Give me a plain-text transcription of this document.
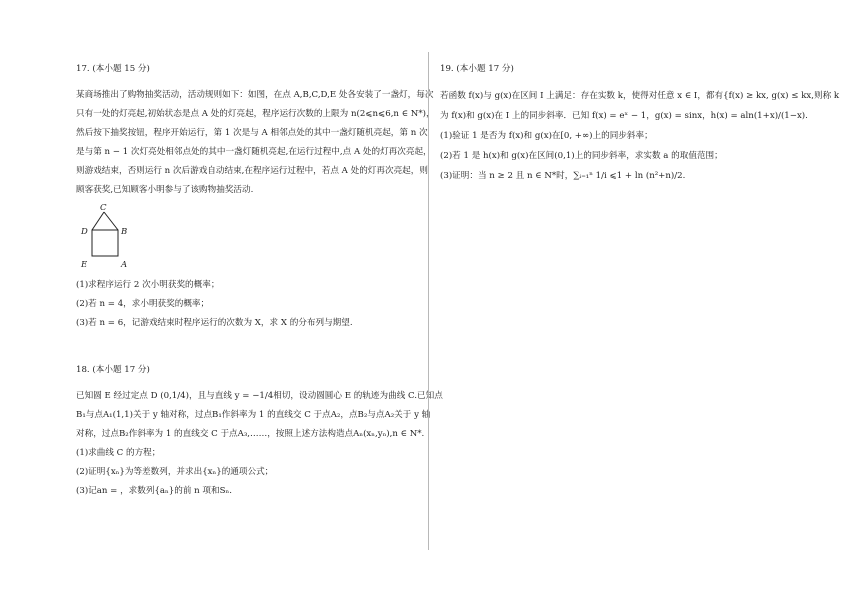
17. (本小题 15 分)

某商场推出了购物抽奖活动，活动规则如下：如图，在点 A,B,C,D,E 处各安装了一盏灯，每次

只有一处的灯亮起,初始状态是点 A 处的灯亮起，程序运行次数的上限为 n(2⩽n⩽6,n ∈ N*)，

然后按下抽奖按钮，程序开始运行，第 1 次是与 A 相邻点处的其中一盏灯随机亮起，第 n 次

是与第 n − 1 次灯亮处相邻点处的其中一盏灯随机亮起,在运行过程中,点 A 处的灯再次亮起，

则游戏结束，否则运行 n 次后游戏自动结束,在程序运行过程中，若点 A 处的灯再次亮起，则

顾客获奖,已知顾客小明参与了该购物抽奖活动.

C
D	B
E	A

(1)求程序运行 2 次小明获奖的概率；

(2)若 n = 4，求小明获奖的概率；

(3)若 n = 6，记游戏结束时程序运行的次数为 X，求 X 的分布列与期望.

18. (本小题 17 分)

已知圆 E 经过定点 D (0,1/4)，且与直线 y = −1/4相切，设动圆圆心 E 的轨迹为曲线 C.已知点

B₁与点A₁(1,1)关于 y 轴对称，过点B₁作斜率为 1 的直线交 C 于点A₂，点B₂与点A₂关于 y 轴

对称，过点B₂作斜率为 1 的直线交 C 于点A₃,……，按照上述方法构造点Aₙ(xₙ,yₙ),n ∈ N*.

(1)求曲线 C 的方程；

(2)证明{xₙ}为等差数列，并求出{xₙ}的通项公式；

(3)记an = ，求数列{aₙ}的前 n 项和Sₙ.

19. (本小题 17 分)

若函数 f(x)与 g(x)在区间 I 上满足：存在实数 k，使得对任意 x ∈ I，都有{f(x) ≥ kx, g(x) ≤ kx,则称 k

为 f(x)和 g(x)在 I 上的同步斜率．已知 f(x) = eˣ − 1，g(x) = sinx，h(x) = aln(1+x)/(1−x).

(1)验证 1 是否为 f(x)和 g(x)在[0, +∞)上的同步斜率；

(2)若 1 是 h(x)和 g(x)在区间(0,1)上的同步斜率，求实数 a 的取值范围；

(3)证明：当 n ≥ 2 且 n ∈ N*时，∑ᵢ₌₁ⁿ 1/i ⩽1 + ln (n²+n)/2.
